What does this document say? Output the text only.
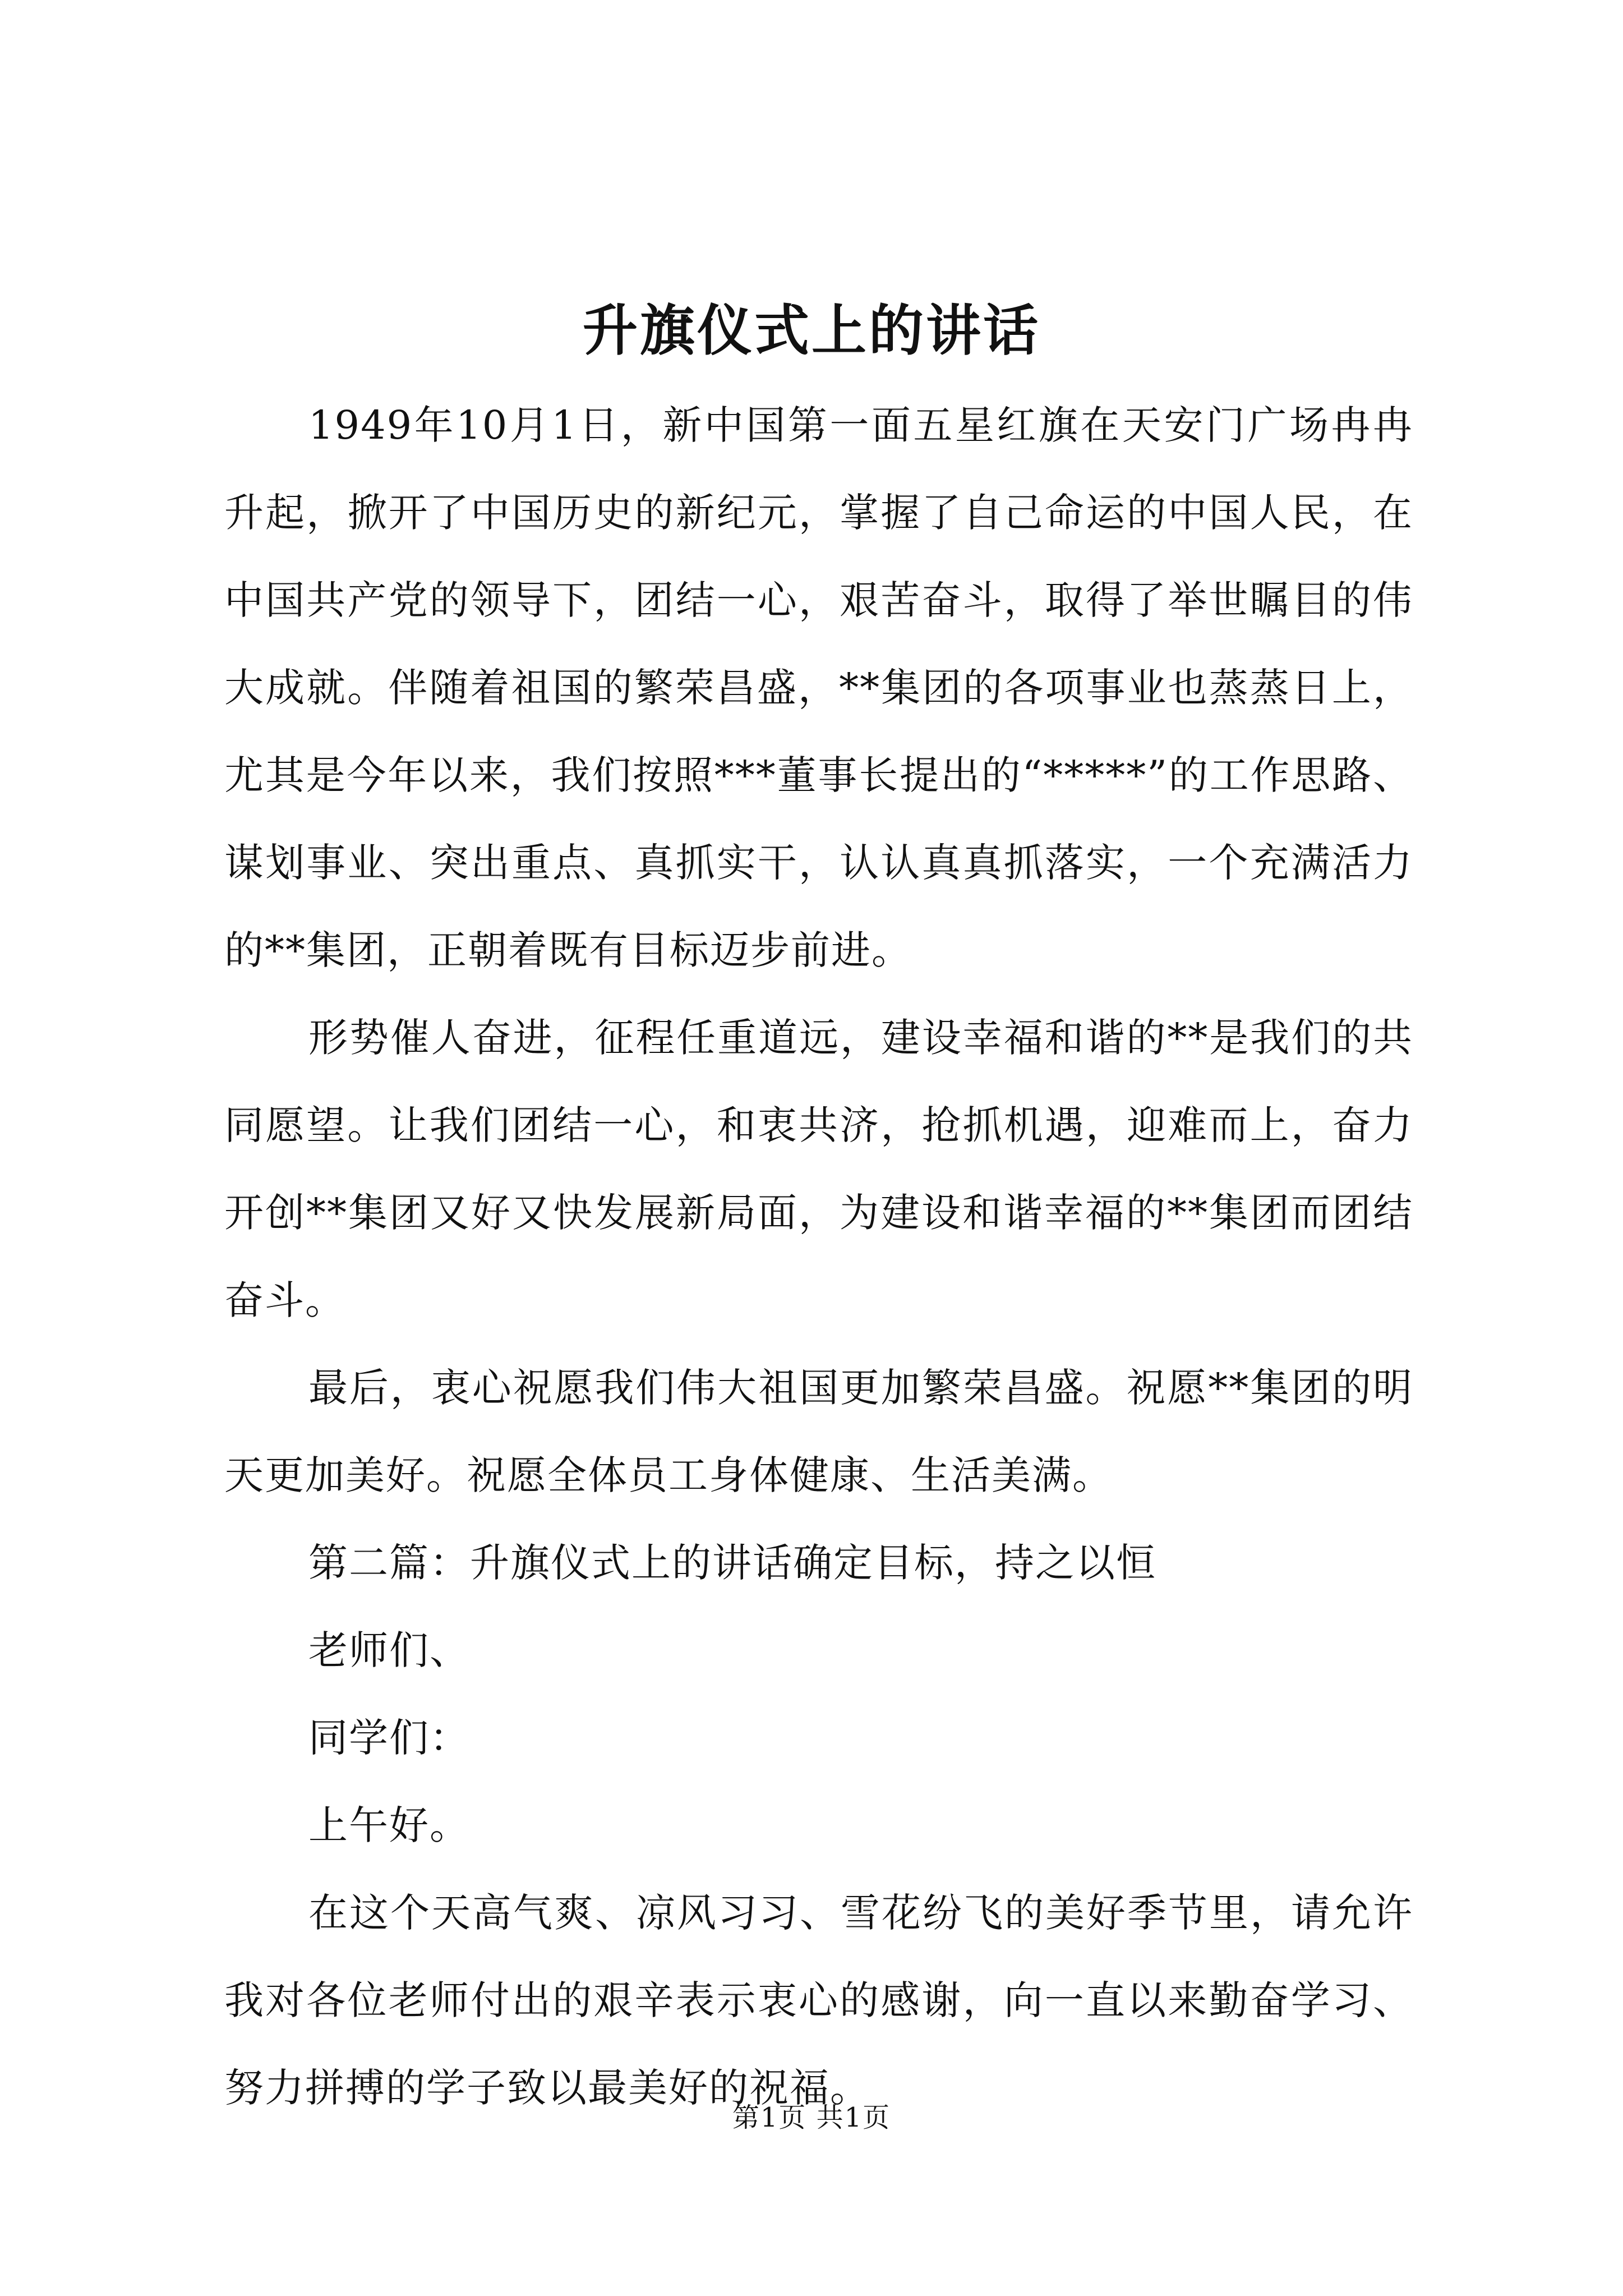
升旗仪式上的讲话

1949年10月1日，新中国第一面五星红旗在天安门广场冉冉升起，掀开了中国历史的新纪元，掌握了自己命运的中国人民，在中国共产党的领导下，团结一心，艰苦奋斗，取得了举世瞩目的伟大成就。伴随着祖国的繁荣昌盛，**集团的各项事业也蒸蒸日上，尤其是今年以来，我们按照***董事长提出的“*****”的工作思路、谋划事业、突出重点、真抓实干，认认真真抓落实，一个充满活力的**集团，正朝着既有目标迈步前进。

形势催人奋进，征程任重道远，建设幸福和谐的**是我们的共同愿望。让我们团结一心，和衷共济，抢抓机遇，迎难而上，奋力开创**集团又好又快发展新局面，为建设和谐幸福的**集团而团结奋斗。

最后，衷心祝愿我们伟大祖国更加繁荣昌盛。祝愿**集团的明天更加美好。祝愿全体员工身体健康、生活美满。

第二篇：升旗仪式上的讲话确定目标，持之以恒

老师们、

同学们：

上午好。

在这个天高气爽、凉风习习、雪花纷飞的美好季节里，请允许我对各位老师付出的艰辛表示衷心的感谢，向一直以来勤奋学习、努力拼搏的学子致以最美好的祝福。

第1页 共1页
